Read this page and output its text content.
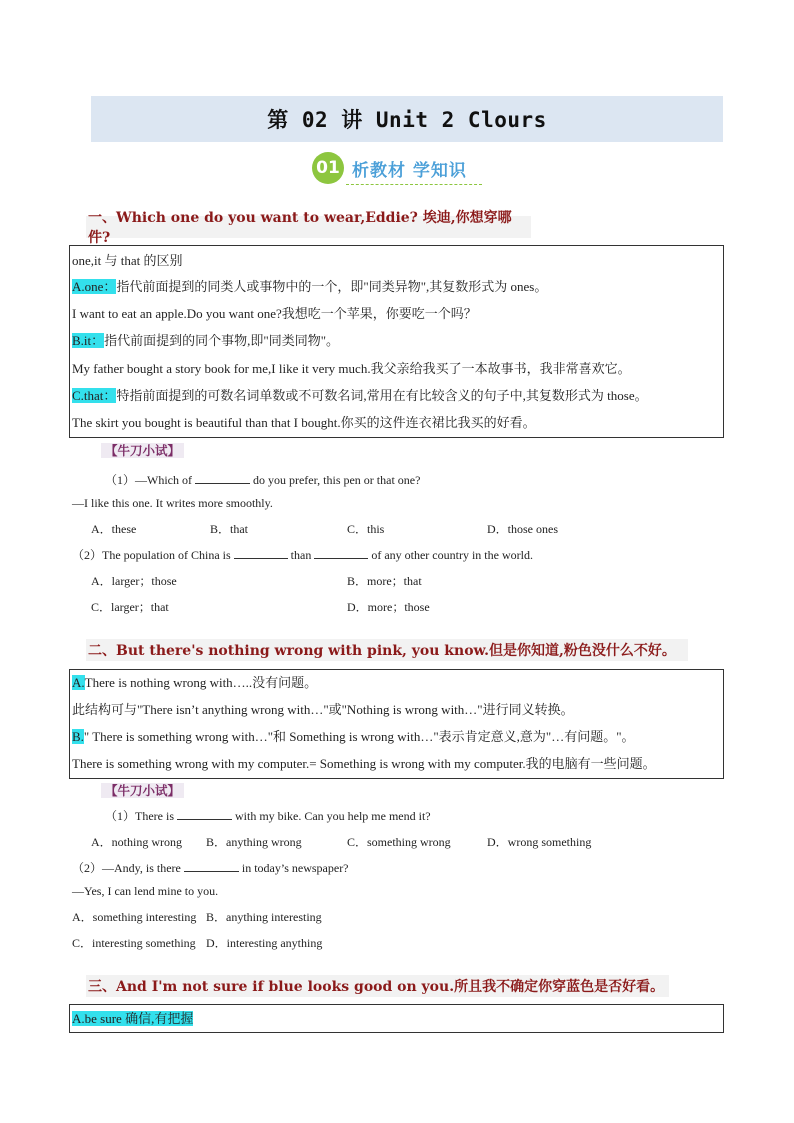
第 02 讲 Unit 2 Clours
01 析教材 学知识
一、Which one do you want to wear,Eddie? 埃迪,你想穿哪件?
one,it 与 that 的区别
A.one：指代前面提到的同类人或事物中的一个，即"同类异物",其复数形式为 ones。
I want to eat an apple.Do you want one?我想吃一个苹果，你要吃一个吗？
B.it：指代前面提到的同个事物,即"同类同物"。
My father bought a story book for me,I like it very much.我父亲给我买了一本故事书，我非常喜欢它。
C.that：特指前面提到的可数名词单数或不可数名词,常用在有比较含义的句子中,其复数形式为 those。
The skirt you bought is beautiful than that I bought.你买的这件连衣裙比我买的好看。
【牛刀小试】
（1）—Which of	do you prefer, this pen or that one?
—I like this one. It writes more smoothly.
A．these	B．that	C．this	D．those ones
（2）The population of China is	than	of any other country in the world.
A．larger；those	B．more；that
C．larger；that	D．more；those
二、But there's nothing wrong with pink, you know.但是你知道,粉色没什么不好。
A.There is nothing wrong with…..没有问题。
此结构可与"There isn’t anything wrong with…"或"Nothing is wrong with…"进行同义转换。
B." There is something wrong with…"和 Something is wrong with…"表示肯定意义,意为"…有问题。"。
There is something wrong with my computer.= Something is wrong with my computer.我的电脑有一些问题。
【牛刀小试】
（1）There is	with my bike. Can you help me mend it?
A．nothing wrong B．anything wrong	C．something wrong	D．wrong something
（2）—Andy, is there	in today’s newspaper?
—Yes, I can lend mine to you.
A．something interesting B．anything interesting
C．interesting something D．interesting anything
三、And I'm not sure if blue looks good on you.所且我不确定你穿蓝色是否好看。
A.be sure 确信,有把握
